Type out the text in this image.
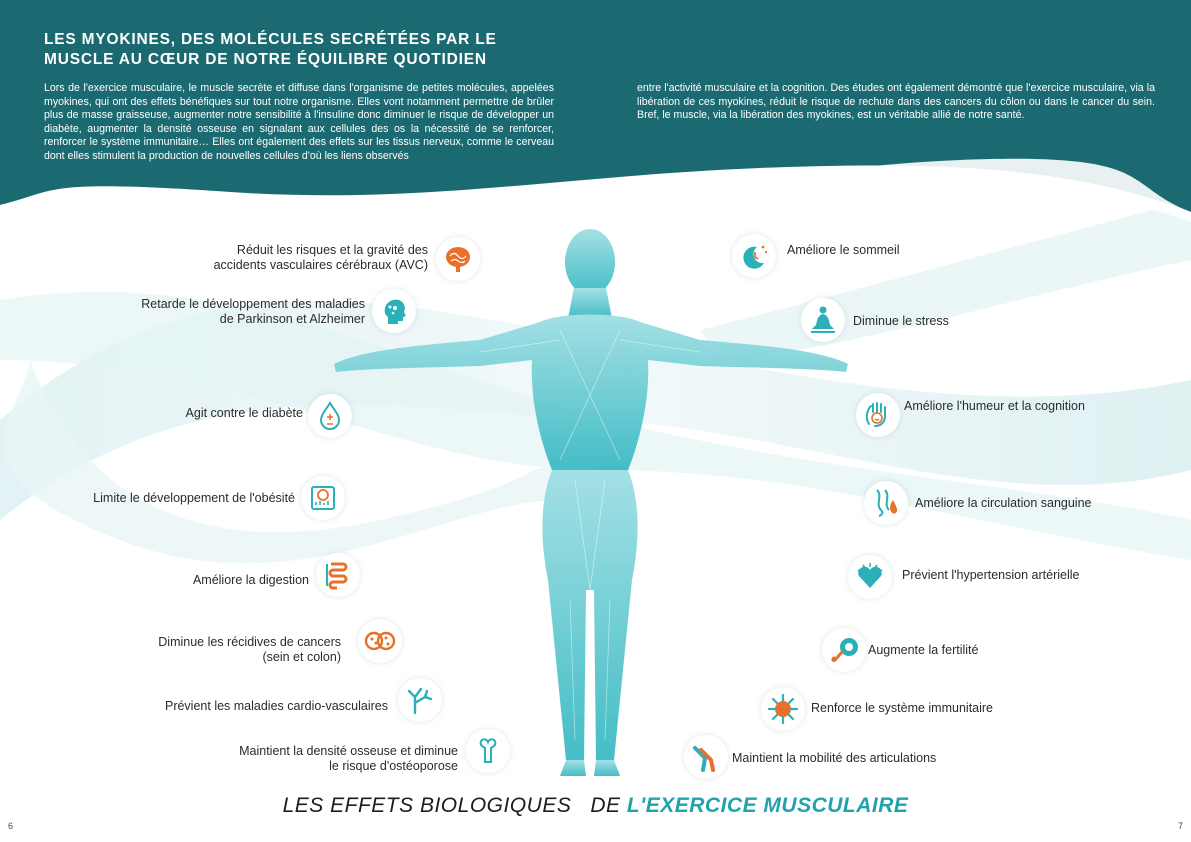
LES MYOKINES, DES MOLÉCULES SECRÉTÉES PAR LE
MUSCLE AU CŒUR DE NOTRE ÉQUILIBRE QUOTIDIEN
Lors de l'exercice musculaire, le muscle secrète et diffuse dans l'organisme de petites molécules, appelées myokines, qui ont des effets bénéfiques sur tout notre organisme. Elles vont notamment permettre de brûler plus de masse graisseuse, augmenter notre sensibilité à l'insuline donc diminuer le risque de développer un diabète, augmenter la densité osseuse en signalant aux cellules des os la nécessité de se renforcer, renforcer le système immunitaire… Elles ont également des effets sur les tissus nerveux, comme le cerveau dont elles stimulent la production de nouvelles cellules d'où les liens observés
entre l'activité musculaire et la cognition. Des études ont également démontré que l'exercice musculaire, via la libération de ces myokines, réduit le risque de rechute dans des cancers du côlon ou dans le cancer du sein. Bref, le muscle, via la libération des myokines, est un véritable allié de notre santé.
Réduit les risques et la gravité des
accidents vasculaires cérébraux (AVC)
Retarde le développement des maladies
de Parkinson et Alzheimer
Agit contre le diabète
Limite le développement de l'obésité
Améliore la digestion
Diminue les récidives de cancers
(sein et colon)
Prévient les maladies cardio-vasculaires
Maintient la densité osseuse et diminue
le risque d'ostéoporose
Améliore le sommeil
Diminue le stress
Améliore l'humeur et la cognition
Améliore la circulation sanguine
Prévient l'hypertension artérielle
Augmente la fertilité
Renforce le système immunitaire
Maintient la mobilité des articulations
LES EFFETS BIOLOGIQUES DE L'EXERCICE MUSCULAIRE
6	7
